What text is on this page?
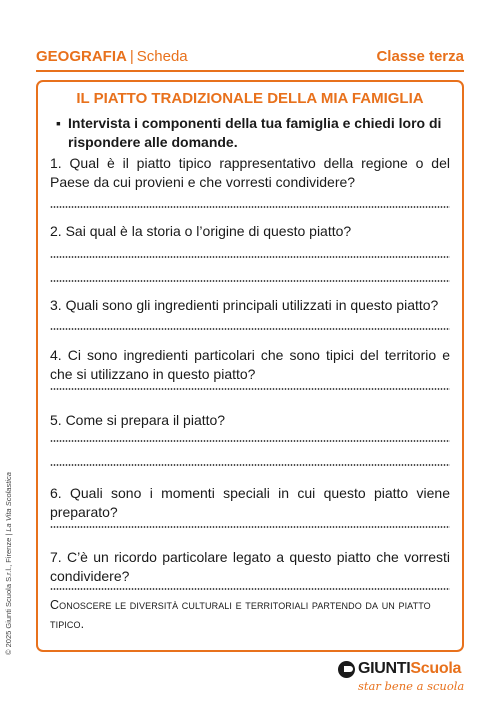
GEOGRAFIA | Scheda	Classe terza
IL PIATTO TRADIZIONALE DELLA MIA FAMIGLIA
▪ Intervista i componenti della tua famiglia e chiedi loro di rispondere alle domande.
1. Qual è il piatto tipico rappresentativo della regione o del Paese da cui provieni e che vorresti condividere?
2. Sai qual è la storia o l’origine di questo piatto?
3. Quali sono gli ingredienti principali utilizzati in questo piatto?
4. Ci sono ingredienti particolari che sono tipici del territorio e che si utilizzano in questo piatto?
5. Come si prepara il piatto?
6. Quali sono i momenti speciali in cui questo piatto viene preparato?
7. C’è un ricordo particolare legato a questo piatto che vorresti condividere?
Conoscere le diversità culturali e territoriali partendo da un piatto tipico.
© 2025 Giunti Scuola S.r.l., Firenze | La Vita Scolastica
GIUNTIScuola
star bene a scuola
